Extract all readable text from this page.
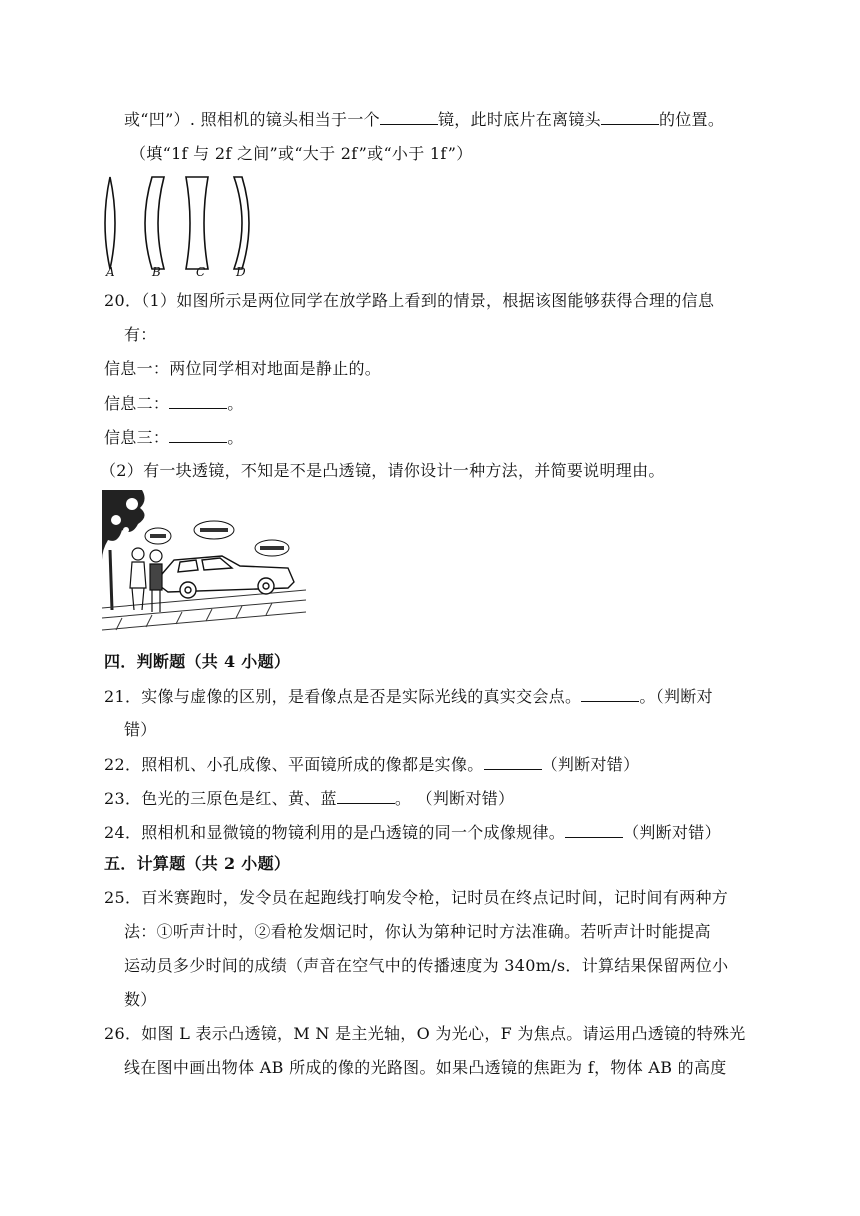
或“凹”）. 照相机的镜头相当于一个	镜，此时底片在离镜头	的位置。
（填“1f 与 2f 之间”或“大于 2f”或“小于 1f”）
A	B	C	D
20．（1）如图所示是两位同学在放学路上看到的情景，根据该图能够获得合理的信息
有：
信息一：两位同学相对地面是静止的。
信息二：	。
信息三：	。
（2）有一块透镜，不知是不是凸透镜，请你设计一种方法，并简要说明理由。
四．判断题（共 4 小题）
21．实像与虚像的区别，是看像点是否是实际光线的真实交会点。	。（判断对
错）
22．照相机、小孔成像、平面镜所成的像都是实像。	（判断对错）
23．色光的三原色是红、黄、蓝	。 （判断对错）
24．照相机和显微镜的物镜利用的是凸透镜的同一个成像规律。	（判断对错）
五．计算题（共 2 小题）
25．百米赛跑时，发令员在起跑线打响发令枪，记时员在终点记时间，记时间有两种方
法：①听声计时，②看枪发烟记时，你认为第种记时方法准确。若听声计时能提高
运动员多少时间的成绩（声音在空气中的传播速度为 340m/s．计算结果保留两位小
数）
26．如图 L 表示凸透镜，M N 是主光轴，O 为光心，F 为焦点。请运用凸透镜的特殊光
线在图中画出物体 AB 所成的像的光路图。如果凸透镜的焦距为 f，物体 AB 的高度
